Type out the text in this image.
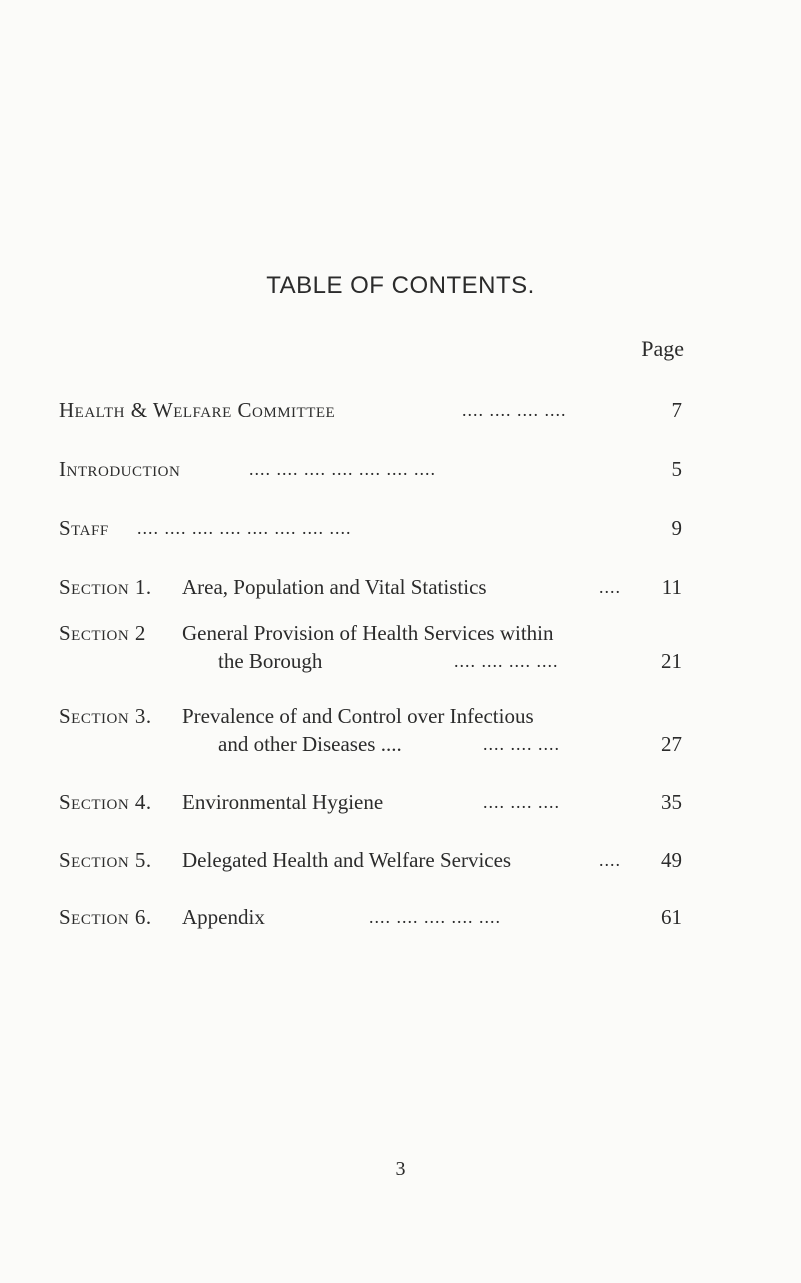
TABLE OF CONTENTS.
Page
Health & Welfare Committee	.... .... .... ....	7
Introduction	.... .... .... .... .... .... ....	5
Staff .... .... .... .... .... .... .... ....	9
Section 1. Area, Population and Vital Statistics	....	11
Section 2 General Provision of Health Services within
the Borough	.... .... .... ....	21
Section 3. Prevalence of and Control over Infectious
and other Diseases ....	.... .... ....	27
Section 4. Environmental Hygiene	.... .... ....	35
Section 5. Delegated Health and Welfare Services	....	49
Section 6. Appendix	.... .... .... .... ....	61
3
